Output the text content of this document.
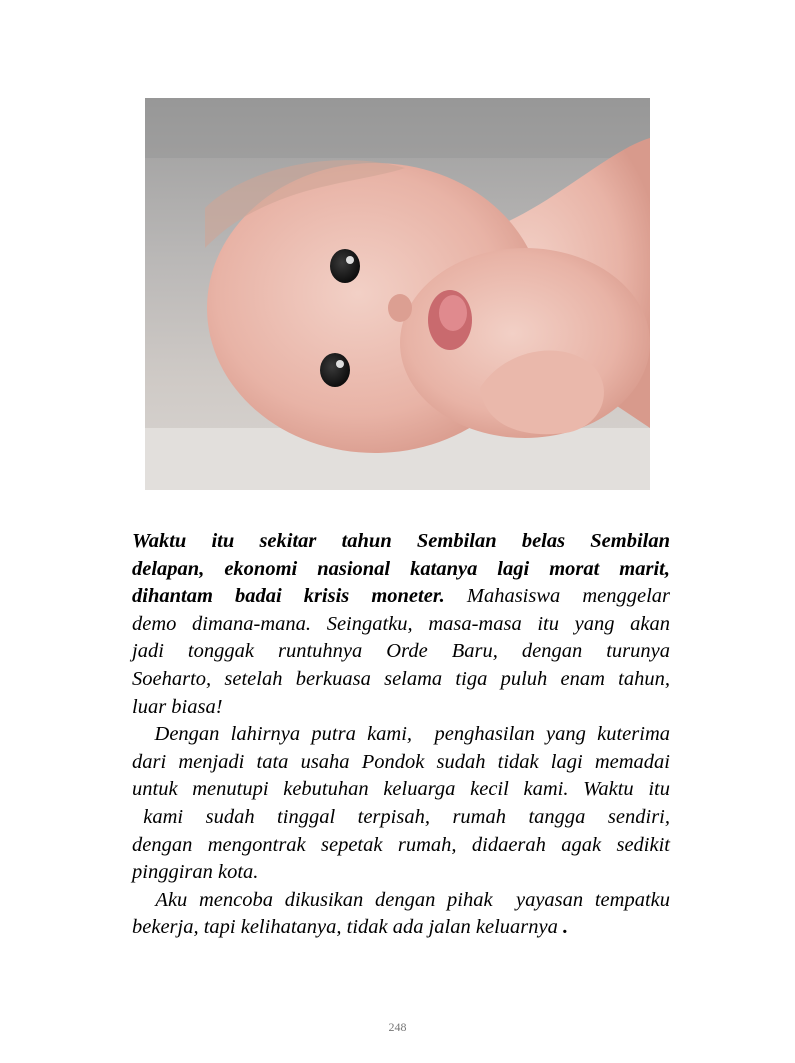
Waktu itu sekitar tahun Sembilan belas Sembilan

delapan, ekonomi nasional katanya lagi morat marit,

dihantam badai krisis moneter. Mahasiswa menggelar

demo dimana-mana. Seingatku, masa-masa itu yang akan

jadi tonggak runtuhnya Orde Baru, dengan turunya

Soeharto, setelah berkuasa selama tiga puluh enam tahun,

luar biasa!

Dengan lahirnya putra kami,  penghasilan yang kuterima

dari menjadi tata usaha Pondok sudah tidak lagi memadai

untuk menutupi kebutuhan keluarga kecil kami. Waktu itu

kami  sudah  tinggal  terpisah,  rumah  tangga  sendiri,

dengan mengontrak sepetak rumah, didaerah agak sedikit

pinggiran kota.

Aku mencoba dikusikan dengan pihak  yayasan tempatku

bekerja, tapi kelihatanya, tidak ada jalan keluarnya .

248
